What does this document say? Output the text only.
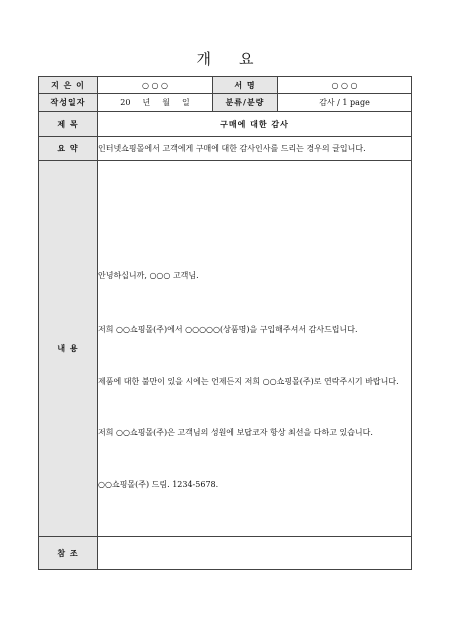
개 요
지 은 이	○ ○ ○	서 명	○ ○ ○
작성일자	20 년 월 일	분류/분량	감사 / 1 page
제 목	구매에 대한 감사		
요 약	인터넷쇼핑몰에서 고객에게 구매에 대한 감사인사를 드리는 경우의 글입니다.		
내 용	안녕하십니까, ○○○ 고객님.

저희 ○○쇼핑몰(주)에서 ○○○○○(상품명)을 구입해주셔서 감사드립니다.

제품에 대한 불만이 있을 시에는 언제든지 저희 ○○쇼핑몰(주)로 연락주시기 바랍니다.

저희 ○○쇼핑몰(주)은 고객님의 성원에 보답코자 항상 최선을 다하고 있습니다.

○○쇼핑몰(주) 드림. 1234-5678.		

참 조			
